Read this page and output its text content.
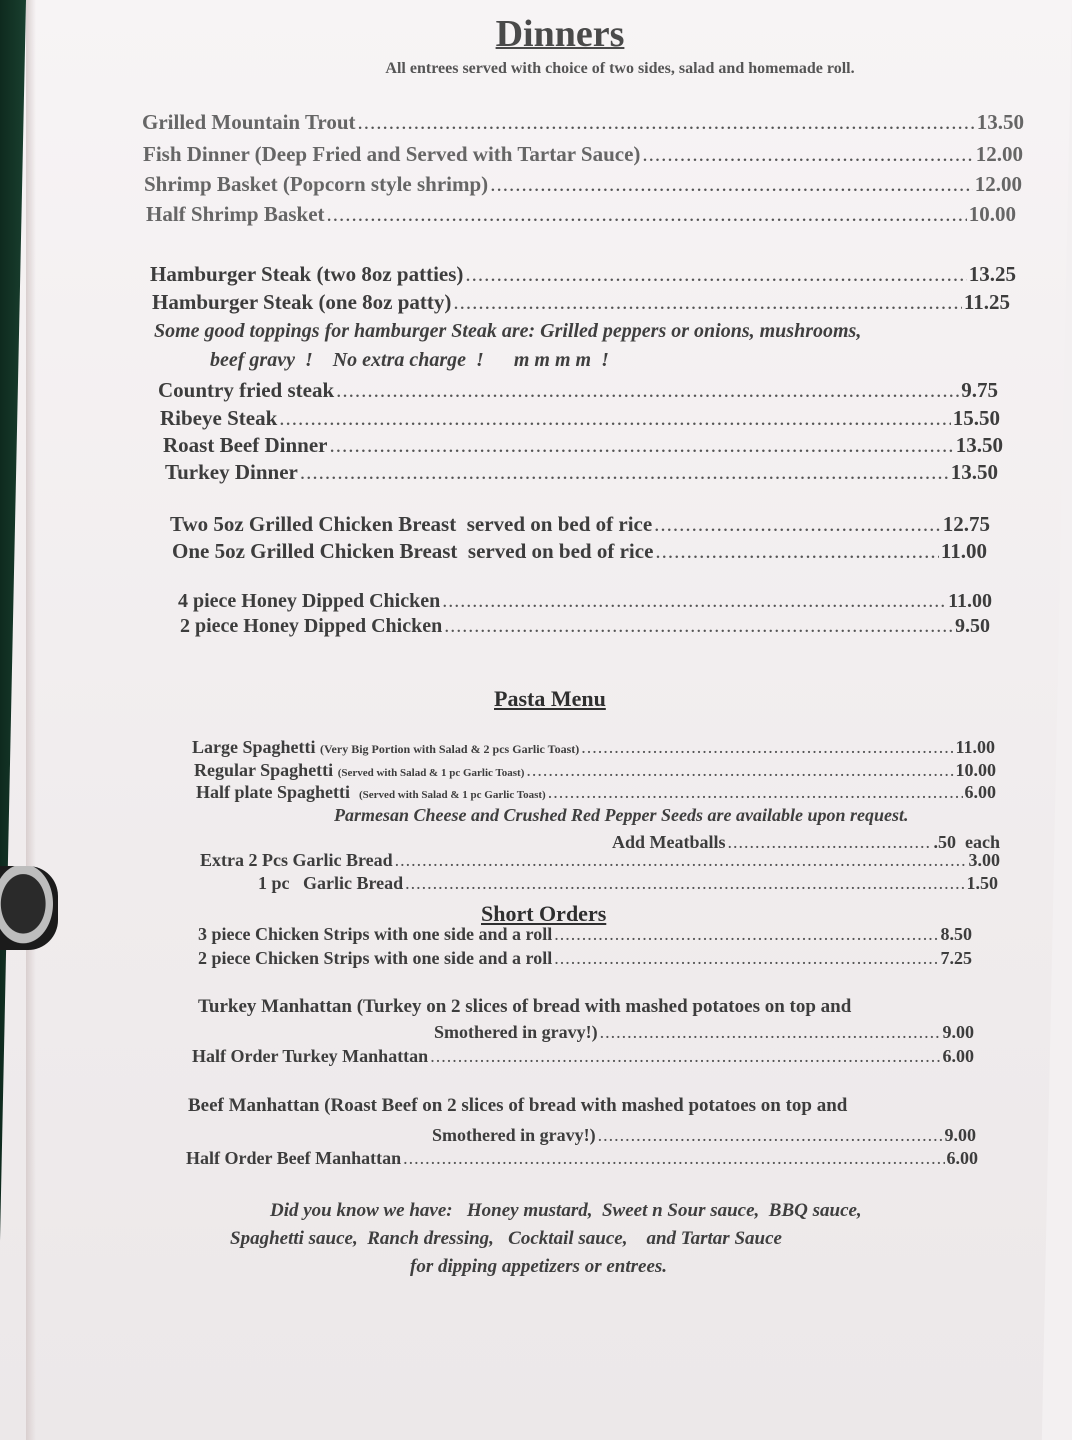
Dinners
All entrees served with choice of two sides, salad and homemade roll.
Grilled Mountain Trout .....	13.50
Fish Dinner (Deep Fried and Served with Tartar Sauce) .....	12.00
Shrimp Basket (Popcorn style shrimp) .....	12.00
Half Shrimp Basket .....	10.00
Hamburger Steak (two 8oz patties) .....	13.25
Hamburger Steak (one 8oz patty) .....	11.25
Some good toppings for hamburger Steak are: Grilled peppers or onions, mushrooms,
beef gravy  !    No extra charge  !      m m m m  !
Country fried steak .....	9.75
Ribeye Steak .....	15.50
Roast Beef Dinner .....	13.50
Turkey Dinner .....	13.50
Two 5oz Grilled Chicken Breast  served on bed of rice .....	12.75
One 5oz Grilled Chicken Breast  served on bed of rice .....	11.00
4 piece Honey Dipped Chicken .....	11.00
2 piece Honey Dipped Chicken .....	9.50
Pasta Menu
Large Spaghetti
(Very Big Portion with Salad & 2 pcs Garlic Toast) .....	11.00
Regular Spaghetti
(Served with Salad & 1 pc Garlic Toast) .....	10.00
Half plate Spaghetti
(Served with Salad & 1 pc Garlic Toast) .....	6.00
Parmesan Cheese and Crushed Red Pepper Seeds are available upon request.
Add Meatballs .....	.50  each
Extra 2 Pcs Garlic Bread .....	3.00
1 pc   Garlic Bread .....	1.50
Short Orders
3 piece Chicken Strips with one side and a roll .....	8.50
2 piece Chicken Strips with one side and a roll .....	7.25
Turkey Manhattan (Turkey on 2 slices of bread with mashed potatoes on top and
Smothered in gravy!) .....	9.00
Half Order Turkey Manhattan .....	6.00
Beef Manhattan (Roast Beef on 2 slices of bread with mashed potatoes on top and
Smothered in gravy!) .....	9.00
Half Order Beef Manhattan .....	6.00
Did you know we have:   Honey mustard,  Sweet n Sour sauce,  BBQ sauce,
Spaghetti sauce,  Ranch dressing,   Cocktail sauce,    and Tartar Sauce
for dipping appetizers or entrees.
